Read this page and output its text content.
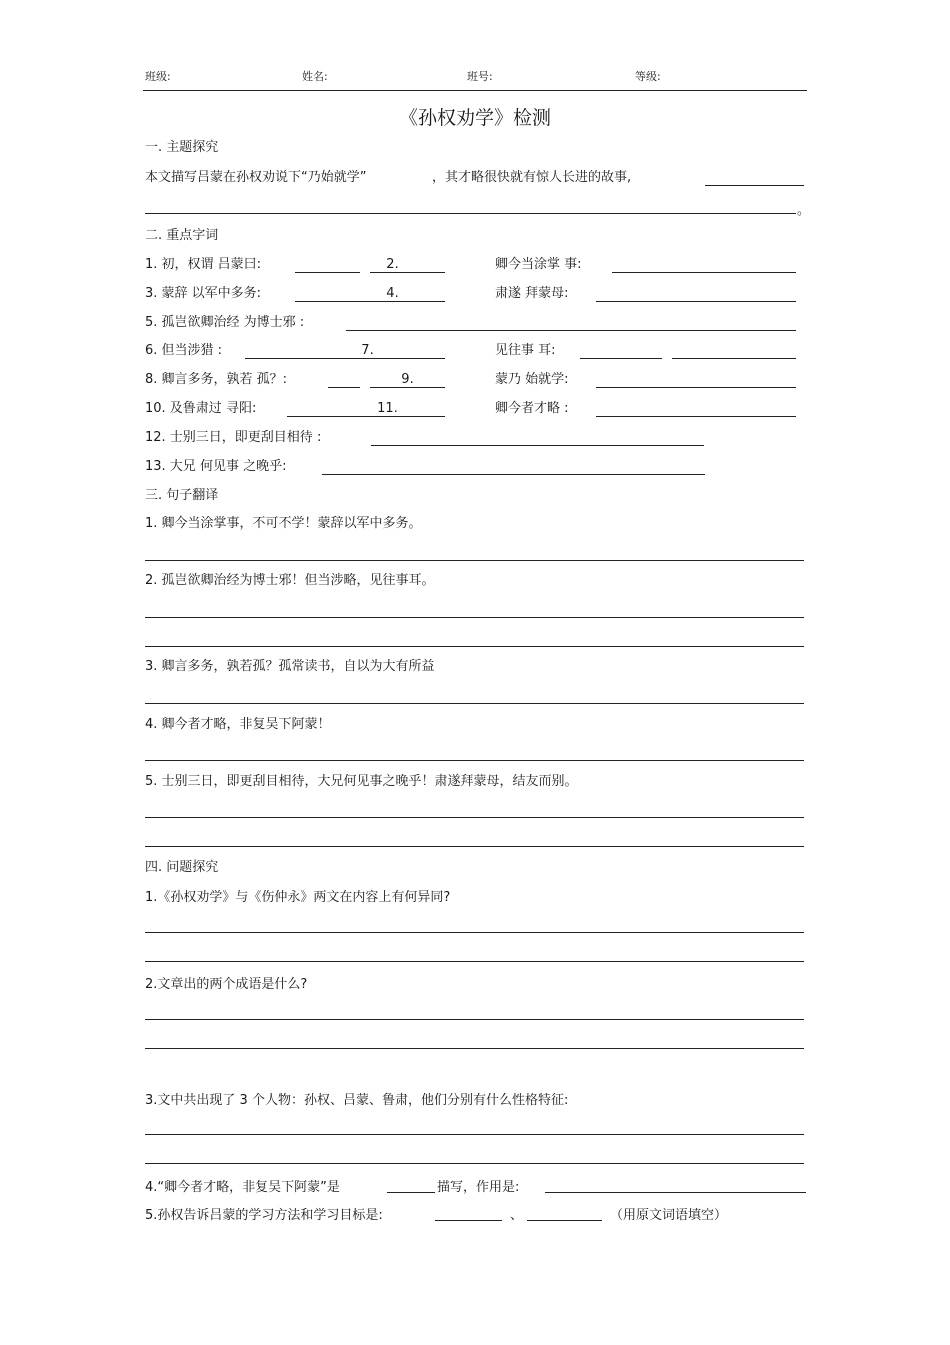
班级:	姓名:	班号:	等级:
《孙权劝学》检测
一. 主题探究
本文描写吕蒙在孙权劝说下“乃始就学”	，其才略很快就有惊人长进的故事,
。
二. 重点字词
1. 初，权谓 吕蒙曰:	2.	卿今当涂掌 事:
3. 蒙辞 以军中多务:	4.	肃遂 拜蒙母:
5. 孤岂欲卿治经 为博士邪 :
6. 但当涉猎 :	7.	见往事 耳:
8. 卿言多务，孰若 孤？:	9.	蒙乃 始就学:
10. 及鲁肃过 寻阳:	11.	卿今者才略 :
12. 士别三日，即更刮目相待 :
13. 大兄 何见事 之晚乎:
三. 句子翻译
1. 卿今当涂掌事，不可不学！蒙辞以军中多务。
2. 孤岂欲卿治经为博士邪！但当涉略，见往事耳。
3. 卿言多务，孰若孤？孤常读书，自以为大有所益
4. 卿今者才略，非复吴下阿蒙！
5. 士别三日，即更刮目相待，大兄何见事之晚乎！肃遂拜蒙母，结友而别。
四. 问题探究
1.《孙权劝学》与《伤仲永》两文在内容上有何异同?
2.文章出的两个成语是什么?
3.文中共出现了 3 个人物：孙权、吕蒙、鲁肃，他们分别有什么性格特征:
4.“卿今者才略，非复吴下阿蒙”是	描写，作用是:
5.孙权告诉吕蒙的学习方法和学习目标是:	、	（用原文词语填空）
